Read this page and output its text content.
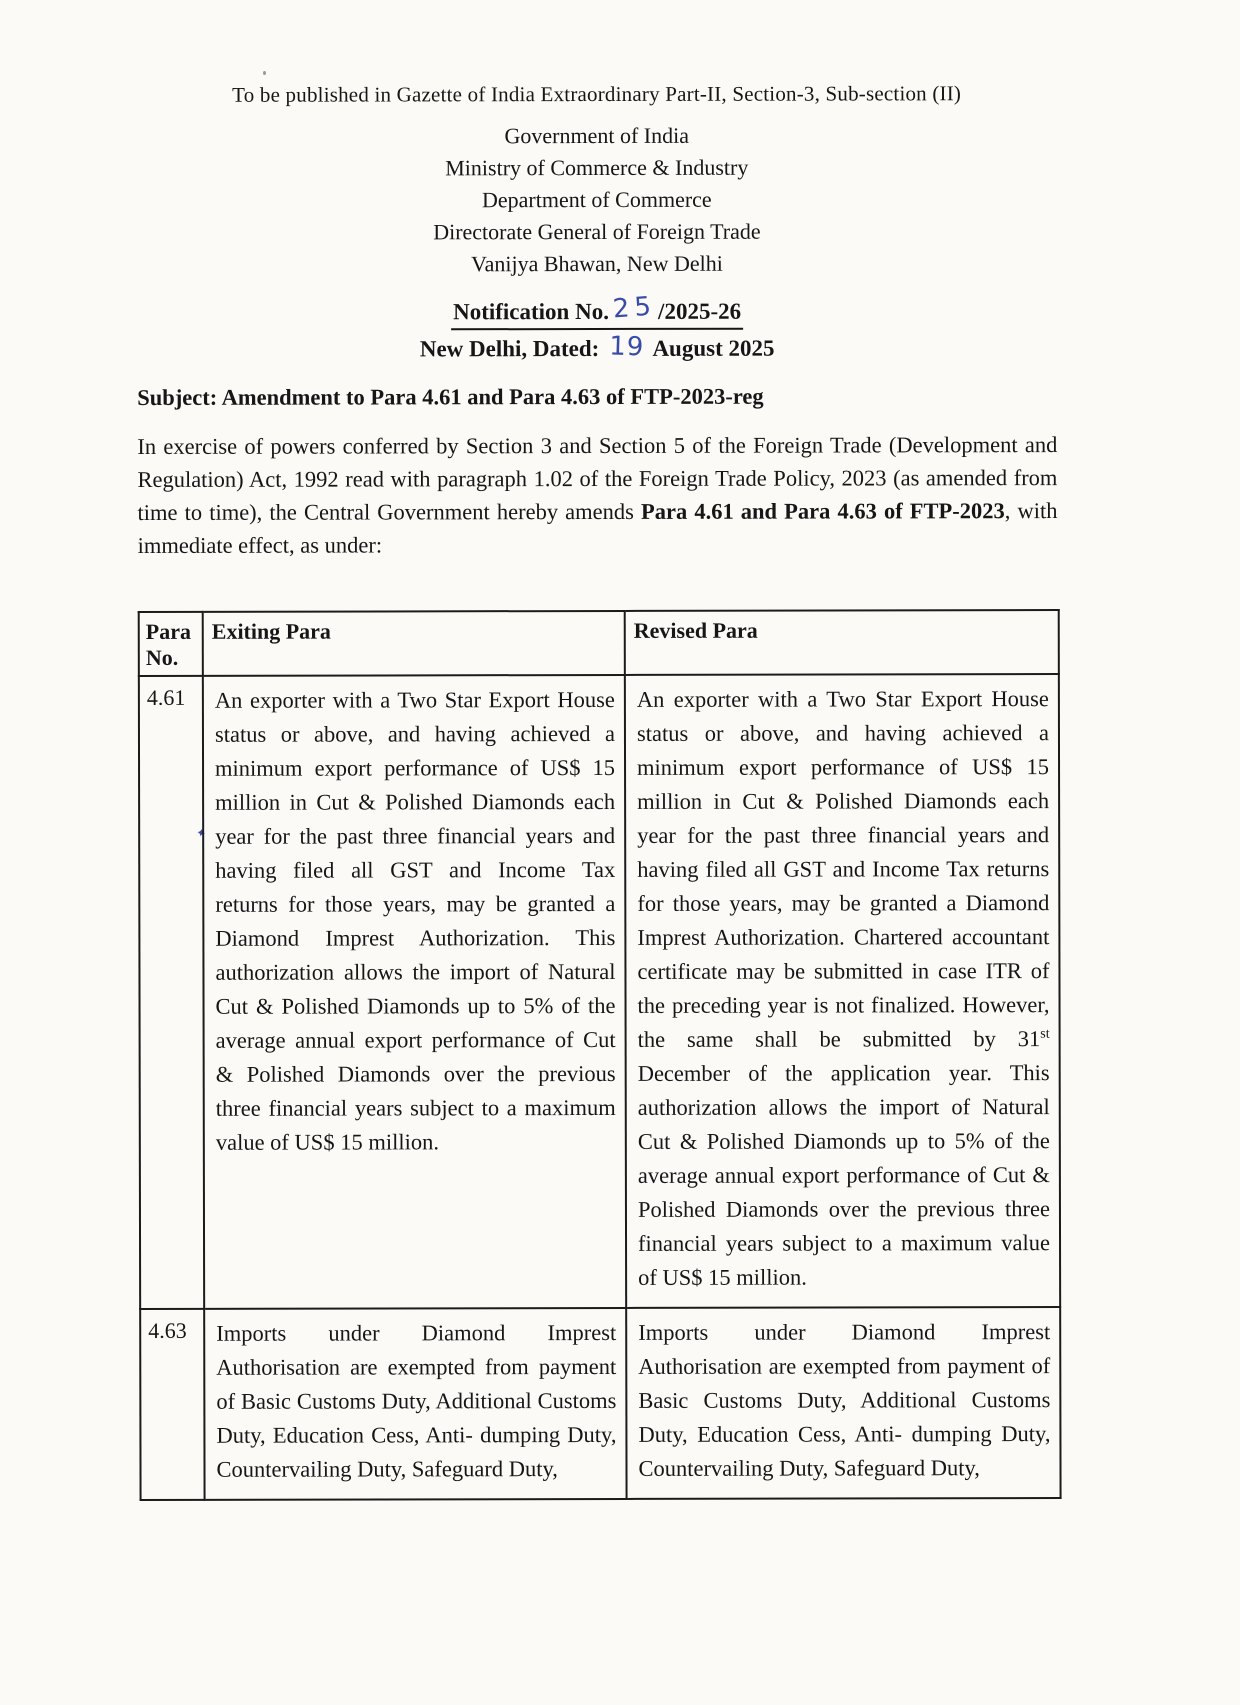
✦
To be published in Gazette of India Extraordinary Part-II, Section-3, Sub-section (II)
Government of India
Ministry of Commerce & Industry
Department of Commerce
Directorate General of Foreign Trade
Vanijya Bhawan, New Delhi
Notification No. 25/2025-26
New Delhi, Dated: 19 August 2025
Subject: Amendment to Para 4.61 and Para 4.63 of FTP-2023-reg
In exercise of powers conferred by Section 3 and Section 5 of the Foreign Trade (Development and Regulation) Act, 1992 read with paragraph 1.02 of the Foreign Trade Policy, 2023 (as amended from time to time), the Central Government hereby amends Para 4.61 and Para 4.63 of FTP-2023, with immediate effect, as under:
Para No.	Exiting Para	Revised Para
4.61	An exporter with a Two Star Export House status or above, and having achieved a minimum export performance of US$ 15 million in Cut & Polished Diamonds each year for the past three financial years and having filed all GST and Income Tax returns for those years, may be granted a Diamond Imprest Authorization. This authorization allows the import of Natural Cut & Polished Diamonds up to 5% of the average annual export performance of Cut & Polished Diamonds over the previous three financial years subject to a maximum value of US$ 15 million.	An exporter with a Two Star Export House status or above, and having achieved a minimum export performance of US$ 15 million in Cut & Polished Diamonds each year for the past three financial years and having filed all GST and Income Tax returns for those years, may be granted a Diamond Imprest Authorization. Chartered accountant certificate may be submitted in case ITR of the preceding year is not finalized. However, the same shall be submitted by 31st December of the application year. This authorization allows the import of Natural Cut & Polished Diamonds up to 5% of the average annual export performance of Cut & Polished Diamonds over the previous three financial years subject to a maximum value of US$ 15 million.
4.63	Imports under Diamond Imprest Authorisation are exempted from payment of Basic Customs Duty, Additional Customs Duty, Education Cess, Anti- dumping Duty, Countervailing Duty, Safeguard Duty,	Imports under Diamond Imprest Authorisation are exempted from payment of Basic Customs Duty, Additional Customs Duty, Education Cess, Anti- dumping Duty, Countervailing Duty, Safeguard Duty,
